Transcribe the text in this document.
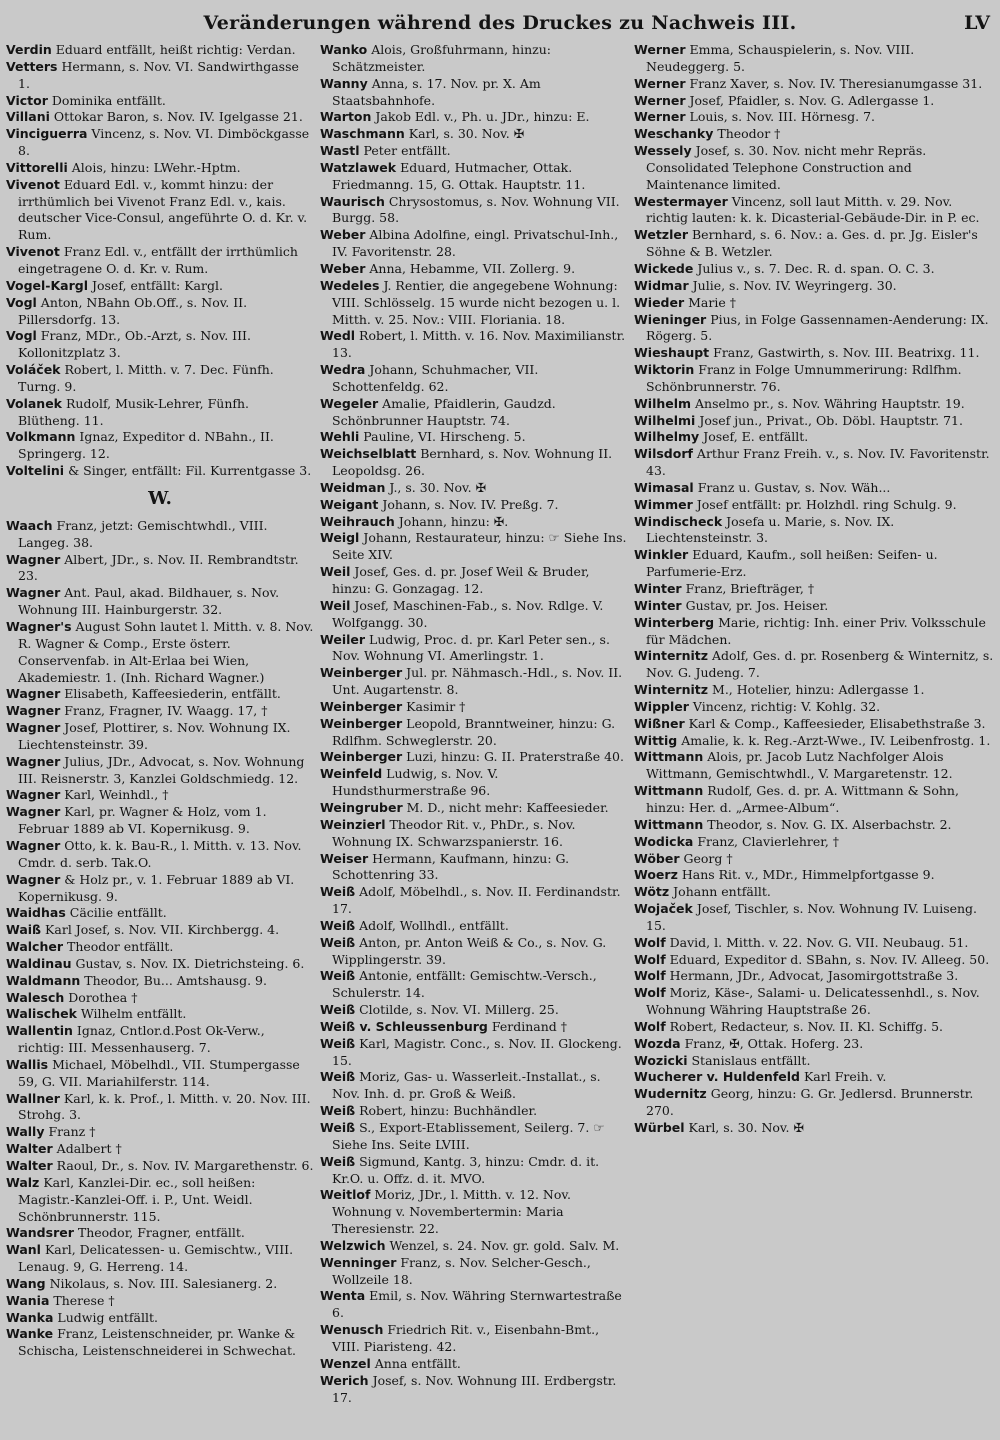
Veränderungen während des Druckes zu Nachweis III.	LV

Verdin Eduard entfällt, heißt richtig: Verdan.

Vetters Hermann, s. Nov. VI. Sandwirthgasse 1.

Victor Dominika entfällt.

Villani Ottokar Baron, s. Nov. IV. Igelgasse 21.

Vinciguerra Vincenz, s. Nov. VI. Dimböckgasse 8.

Vittorelli Alois, hinzu: LWehr.-Hptm.

Vivenot Eduard Edl. v., kommt hinzu: der irrthümlich bei Vivenot Franz Edl. v., kais. deutscher Vice-Consul, angeführte O. d. Kr. v. Rum.

Vivenot Franz Edl. v., entfällt der irrthümlich eingetragene O. d. Kr. v. Rum.

Vogel-Kargl Josef, entfällt: Kargl.

Vogl Anton, NBahn Ob.Off., s. Nov. II. Pillersdorfg. 13.

Vogl Franz, MDr., Ob.-Arzt, s. Nov. III. Kollonitzplatz 3.

Voláček Robert, l. Mitth. v. 7. Dec. Fünfh. Turng. 9.

Volanek Rudolf, Musik-Lehrer, Fünfh. Blütheng. 11.

Volkmann Ignaz, Expeditor d. NBahn., II. Springerg. 12.

Voltelini & Singer, entfällt: Fil. Kurrentgasse 3.

W.

Waach Franz, jetzt: Gemischtwhdl., VIII. Langeg. 38.

Wagner Albert, JDr., s. Nov. II. Rembrandtstr. 23.

Wagner Ant. Paul, akad. Bildhauer, s. Nov. Wohnung III. Hainburgerstr. 32.

Wagner's August Sohn lautet l. Mitth. v. 8. Nov. R. Wagner & Comp., Erste österr. Conservenfab. in Alt-Erlaa bei Wien, Akademiestr. 1. (Inh. Richard Wagner.)

Wagner Elisabeth, Kaffeesiederin, entfällt.

Wagner Franz, Fragner, IV. Waagg. 17, †

Wagner Josef, Plottirer, s. Nov. Wohnung IX. Liechtensteinstr. 39.

Wagner Julius, JDr., Advocat, s. Nov. Wohnung III. Reisnerstr. 3, Kanzlei Goldschmiedg. 12.

Wagner Karl, Weinhdl., †

Wagner Karl, pr. Wagner & Holz, vom 1. Februar 1889 ab VI. Kopernikusg. 9.

Wagner Otto, k. k. Bau-R., l. Mitth. v. 13. Nov. Cmdr. d. serb. Tak.O.

Wagner & Holz pr., v. 1. Februar 1889 ab VI. Kopernikusg. 9.

Waidhas Cäcilie entfällt.

Waiß Karl Josef, s. Nov. VII. Kirchbergg. 4.

Walcher Theodor entfällt.

Waldinau Gustav, s. Nov. IX. Dietrichsteing. 6.

Waldmann Theodor, Bu... Amtshausg. 9.

Walesch Dorothea †

Walischek Wilhelm entfällt.

Wallentin Ignaz, Cntlor.d.Post Ok-Verw., richtig: III. Messenhauserg. 7.

Wallis Michael, Möbelhdl., VII. Stumpergasse 59, G. VII. Mariahilferstr. 114.

Wallner Karl, k. k. Prof., l. Mitth. v. 20. Nov. III. Strohg. 3.

Wally Franz †

Walter Adalbert †

Walter Raoul, Dr., s. Nov. IV. Margarethenstr. 6.

Walz Karl, Kanzlei-Dir. ec., soll heißen: Magistr.-Kanzlei-Off. i. P., Unt. Weidl. Schönbrunnerstr. 115.

Wandsrer Theodor, Fragner, entfällt.

Wanl Karl, Delicatessen- u. Gemischtw., VIII. Lenaug. 9, G. Herreng. 14.

Wang Nikolaus, s. Nov. III. Salesianerg. 2.

Wania Therese †

Wanka Ludwig entfällt.

Wanke Franz, Leistenschneider, pr. Wanke & Schischa, Leistenschneiderei in Schwechat.

Wanko Alois, Großfuhrmann, hinzu: Schätzmeister.

Wanny Anna, s. 17. Nov. pr. X. Am Staatsbahnhofe.

Warton Jakob Edl. v., Ph. u. JDr., hinzu: E.

Waschmann Karl, s. 30. Nov. ✠

Wastl Peter entfällt.

Watzlawek Eduard, Hutmacher, Ottak. Friedmanng. 15, G. Ottak. Hauptstr. 11.

Waurisch Chrysostomus, s. Nov. Wohnung VII. Burgg. 58.

Weber Albina Adolfine, eingl. Privatschul-Inh., IV. Favoritenstr. 28.

Weber Anna, Hebamme, VII. Zollerg. 9.

Wedeles J. Rentier, die angegebene Wohnung: VIII. Schlösselg. 15 wurde nicht bezogen u. l. Mitth. v. 25. Nov.: VIII. Floriania. 18.

Wedl Robert, l. Mitth. v. 16. Nov. Maximilianstr. 13.

Wedra Johann, Schuhmacher, VII. Schottenfeldg. 62.

Wegeler Amalie, Pfaidlerin, Gaudzd. Schönbrunner Hauptstr. 74.

Wehli Pauline, VI. Hirscheng. 5.

Weichselblatt Bernhard, s. Nov. Wohnung II. Leopoldsg. 26.

Weidman J., s. 30. Nov. ✠

Weigant Johann, s. Nov. IV. Preßg. 7.

Weihrauch Johann, hinzu: ✠.

Weigl Johann, Restaurateur, hinzu: ☞ Siehe Ins. Seite XIV.

Weil Josef, Ges. d. pr. Josef Weil & Bruder, hinzu: G. Gonzagag. 12.

Weil Josef, Maschinen-Fab., s. Nov. Rdlge. V. Wolfgangg. 30.

Weiler Ludwig, Proc. d. pr. Karl Peter sen., s. Nov. Wohnung VI. Amerlingstr. 1.

Weinberger Jul. pr. Nähmasch.-Hdl., s. Nov. II. Unt. Augartenstr. 8.

Weinberger Kasimir †

Weinberger Leopold, Branntweiner, hinzu: G. Rdlfhm. Schweglerstr. 20.

Weinberger Luzi, hinzu: G. II. Praterstraße 40.

Weinfeld Ludwig, s. Nov. V. Hundsthurmerstraße 96.

Weingruber M. D., nicht mehr: Kaffeesieder.

Weinzierl Theodor Rit. v., PhDr., s. Nov. Wohnung IX. Schwarzspanierstr. 16.

Weiser Hermann, Kaufmann, hinzu: G. Schottenring 33.

Weiß Adolf, Möbelhdl., s. Nov. II. Ferdinandstr. 17.

Weiß Adolf, Wollhdl., entfällt.

Weiß Anton, pr. Anton Weiß & Co., s. Nov. G. Wipplingerstr. 39.

Weiß Antonie, entfällt: Gemischtw.-Versch., Schulerstr. 14.

Weiß Clotilde, s. Nov. VI. Millerg. 25.

Weiß v. Schleussenburg Ferdinand †

Weiß Karl, Magistr. Conc., s. Nov. II. Glockeng. 15.

Weiß Moriz, Gas- u. Wasserleit.-Installat., s. Nov. Inh. d. pr. Groß & Weiß.

Weiß Robert, hinzu: Buchhändler.

Weiß S., Export-Etablissement, Seilerg. 7. ☞ Siehe Ins. Seite LVIII.

Weiß Sigmund, Kantg. 3, hinzu: Cmdr. d. it. Kr.O. u. Offz. d. it. MVO.

Weitlof Moriz, JDr., l. Mitth. v. 12. Nov. Wohnung v. Novembertermin: Maria Theresienstr. 22.

Welzwich Wenzel, s. 24. Nov. gr. gold. Salv. M.

Wenninger Franz, s. Nov. Selcher-Gesch., Wollzeile 18.

Wenta Emil, s. Nov. Währing Sternwartestraße 6.

Wenusch Friedrich Rit. v., Eisenbahn-Bmt., VIII. Piaristeng. 42.

Wenzel Anna entfällt.

Werich Josef, s. Nov. Wohnung III. Erdbergstr. 17.

Werner Emma, Schauspielerin, s. Nov. VIII. Neudeggerg. 5.

Werner Franz Xaver, s. Nov. IV. Theresianumgasse 31.

Werner Josef, Pfaidler, s. Nov. G. Adlergasse 1.

Werner Louis, s. Nov. III. Hörnesg. 7.

Weschanky Theodor †

Wessely Josef, s. 30. Nov. nicht mehr Repräs. Consolidated Telephone Construction and Maintenance limited.

Westermayer Vincenz, soll laut Mitth. v. 29. Nov. richtig lauten: k. k. Dicasterial-Gebäude-Dir. in P. ec.

Wetzler Bernhard, s. 6. Nov.: a. Ges. d. pr. Jg. Eisler's Söhne & B. Wetzler.

Wickede Julius v., s. 7. Dec. R. d. span. O. C. 3.

Widmar Julie, s. Nov. IV. Weyringerg. 30.

Wieder Marie †

Wieninger Pius, in Folge Gassennamen-Aenderung: IX. Rögerg. 5.

Wieshaupt Franz, Gastwirth, s. Nov. III. Beatrixg. 11.

Wiktorin Franz in Folge Umnummerirung: Rdlfhm. Schönbrunnerstr. 76.

Wilhelm Anselmo pr., s. Nov. Währing Hauptstr. 19.

Wilhelmi Josef jun., Privat., Ob. Döbl. Hauptstr. 71.

Wilhelmy Josef, E. entfällt.

Wilsdorf Arthur Franz Freih. v., s. Nov. IV. Favoritenstr. 43.

Wimasal Franz u. Gustav, s. Nov. Wäh...

Wimmer Josef entfällt: pr. Holzhdl. ring Schulg. 9.

Windischeck Josefa u. Marie, s. Nov. IX. Liechtensteinstr. 3.

Winkler Eduard, Kaufm., soll heißen: Seifen- u. Parfumerie-Erz.

Winter Franz, Briefträger, †

Winter Gustav, pr. Jos. Heiser.

Winterberg Marie, richtig: Inh. einer Priv. Volksschule für Mädchen.

Winternitz Adolf, Ges. d. pr. Rosenberg & Winternitz, s. Nov. G. Judeng. 7.

Winternitz M., Hotelier, hinzu: Adlergasse 1.

Wippler Vincenz, richtig: V. Kohlg. 32.

Wißner Karl & Comp., Kaffeesieder, Elisabethstraße 3.

Wittig Amalie, k. k. Reg.-Arzt-Wwe., IV. Leibenfrostg. 1.

Wittmann Alois, pr. Jacob Lutz Nachfolger Alois Wittmann, Gemischtwhdl., V. Margaretenstr. 12.

Wittmann Rudolf, Ges. d. pr. A. Wittmann & Sohn, hinzu: Her. d. „Armee-Album“.

Wittmann Theodor, s. Nov. G. IX. Alserbachstr. 2.

Wodicka Franz, Clavierlehrer, †

Wöber Georg †

Woerz Hans Rit. v., MDr., Himmelpfortgasse 9.

Wötz Johann entfällt.

Wojaček Josef, Tischler, s. Nov. Wohnung IV. Luiseng. 15.

Wolf David, l. Mitth. v. 22. Nov. G. VII. Neubaug. 51.

Wolf Eduard, Expeditor d. SBahn, s. Nov. IV. Alleeg. 50.

Wolf Hermann, JDr., Advocat, Jasomirgottstraße 3.

Wolf Moriz, Käse-, Salami- u. Delicatessenhdl., s. Nov. Wohnung Währing Hauptstraße 26.

Wolf Robert, Redacteur, s. Nov. II. Kl. Schiffg. 5.

Wozda Franz, ✠, Ottak. Hoferg. 23.

Wozicki Stanislaus entfällt.

Wucherer v. Huldenfeld Karl Freih. v.

Wudernitz Georg, hinzu: G. Gr. Jedlersd. Brunnerstr. 270.

Würbel Karl, s. 30. Nov. ✠
